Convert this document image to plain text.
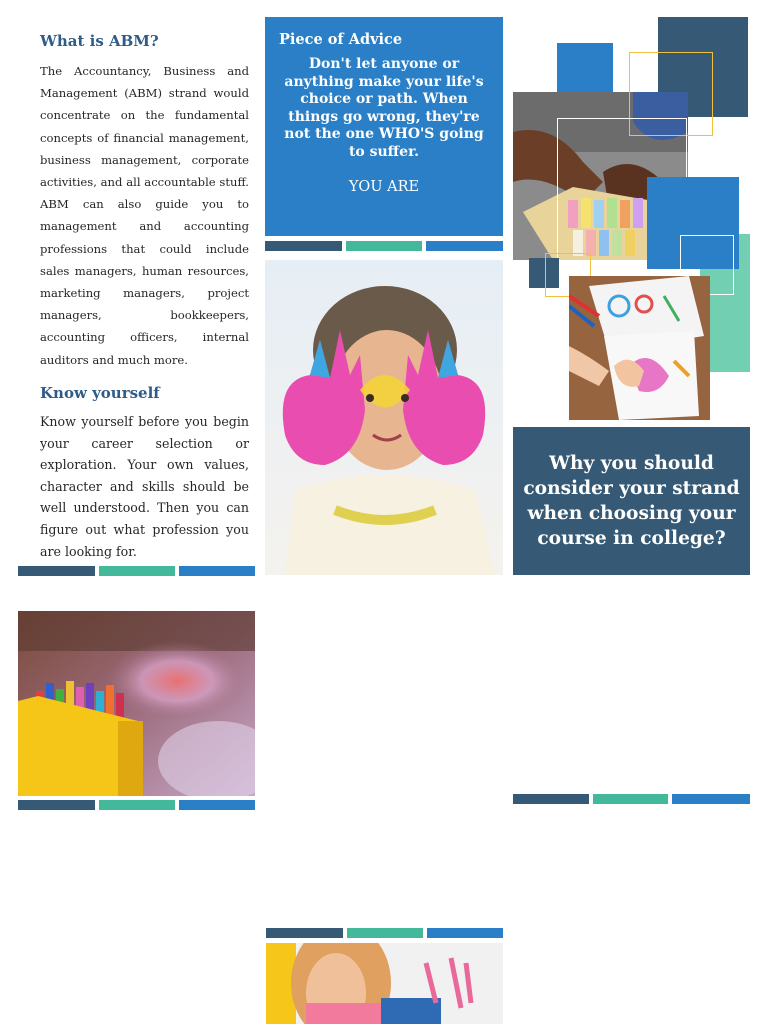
What is ABM?
The Accountancy, Business and Management (ABM) strand would concentrate on the fundamental concepts of financial management, business management, corporate activities, and all accountable stuff. ABM can also guide you to management and accounting professions that could include sales managers, human resources, marketing managers, project managers, bookkeepers, accounting officers, internal auditors and much more.
Know yourself
Know yourself before you begin your career selection or exploration. Your own values, character and skills should be well understood. Then you can figure out what profession you are looking for.
Piece of Advice
Don't let anyone or anything make your life's choice or path. When things go wrong, they're not the one WHO'S going to suffer.
YOU ARE
Why you should consider your strand when choosing your course in college?
